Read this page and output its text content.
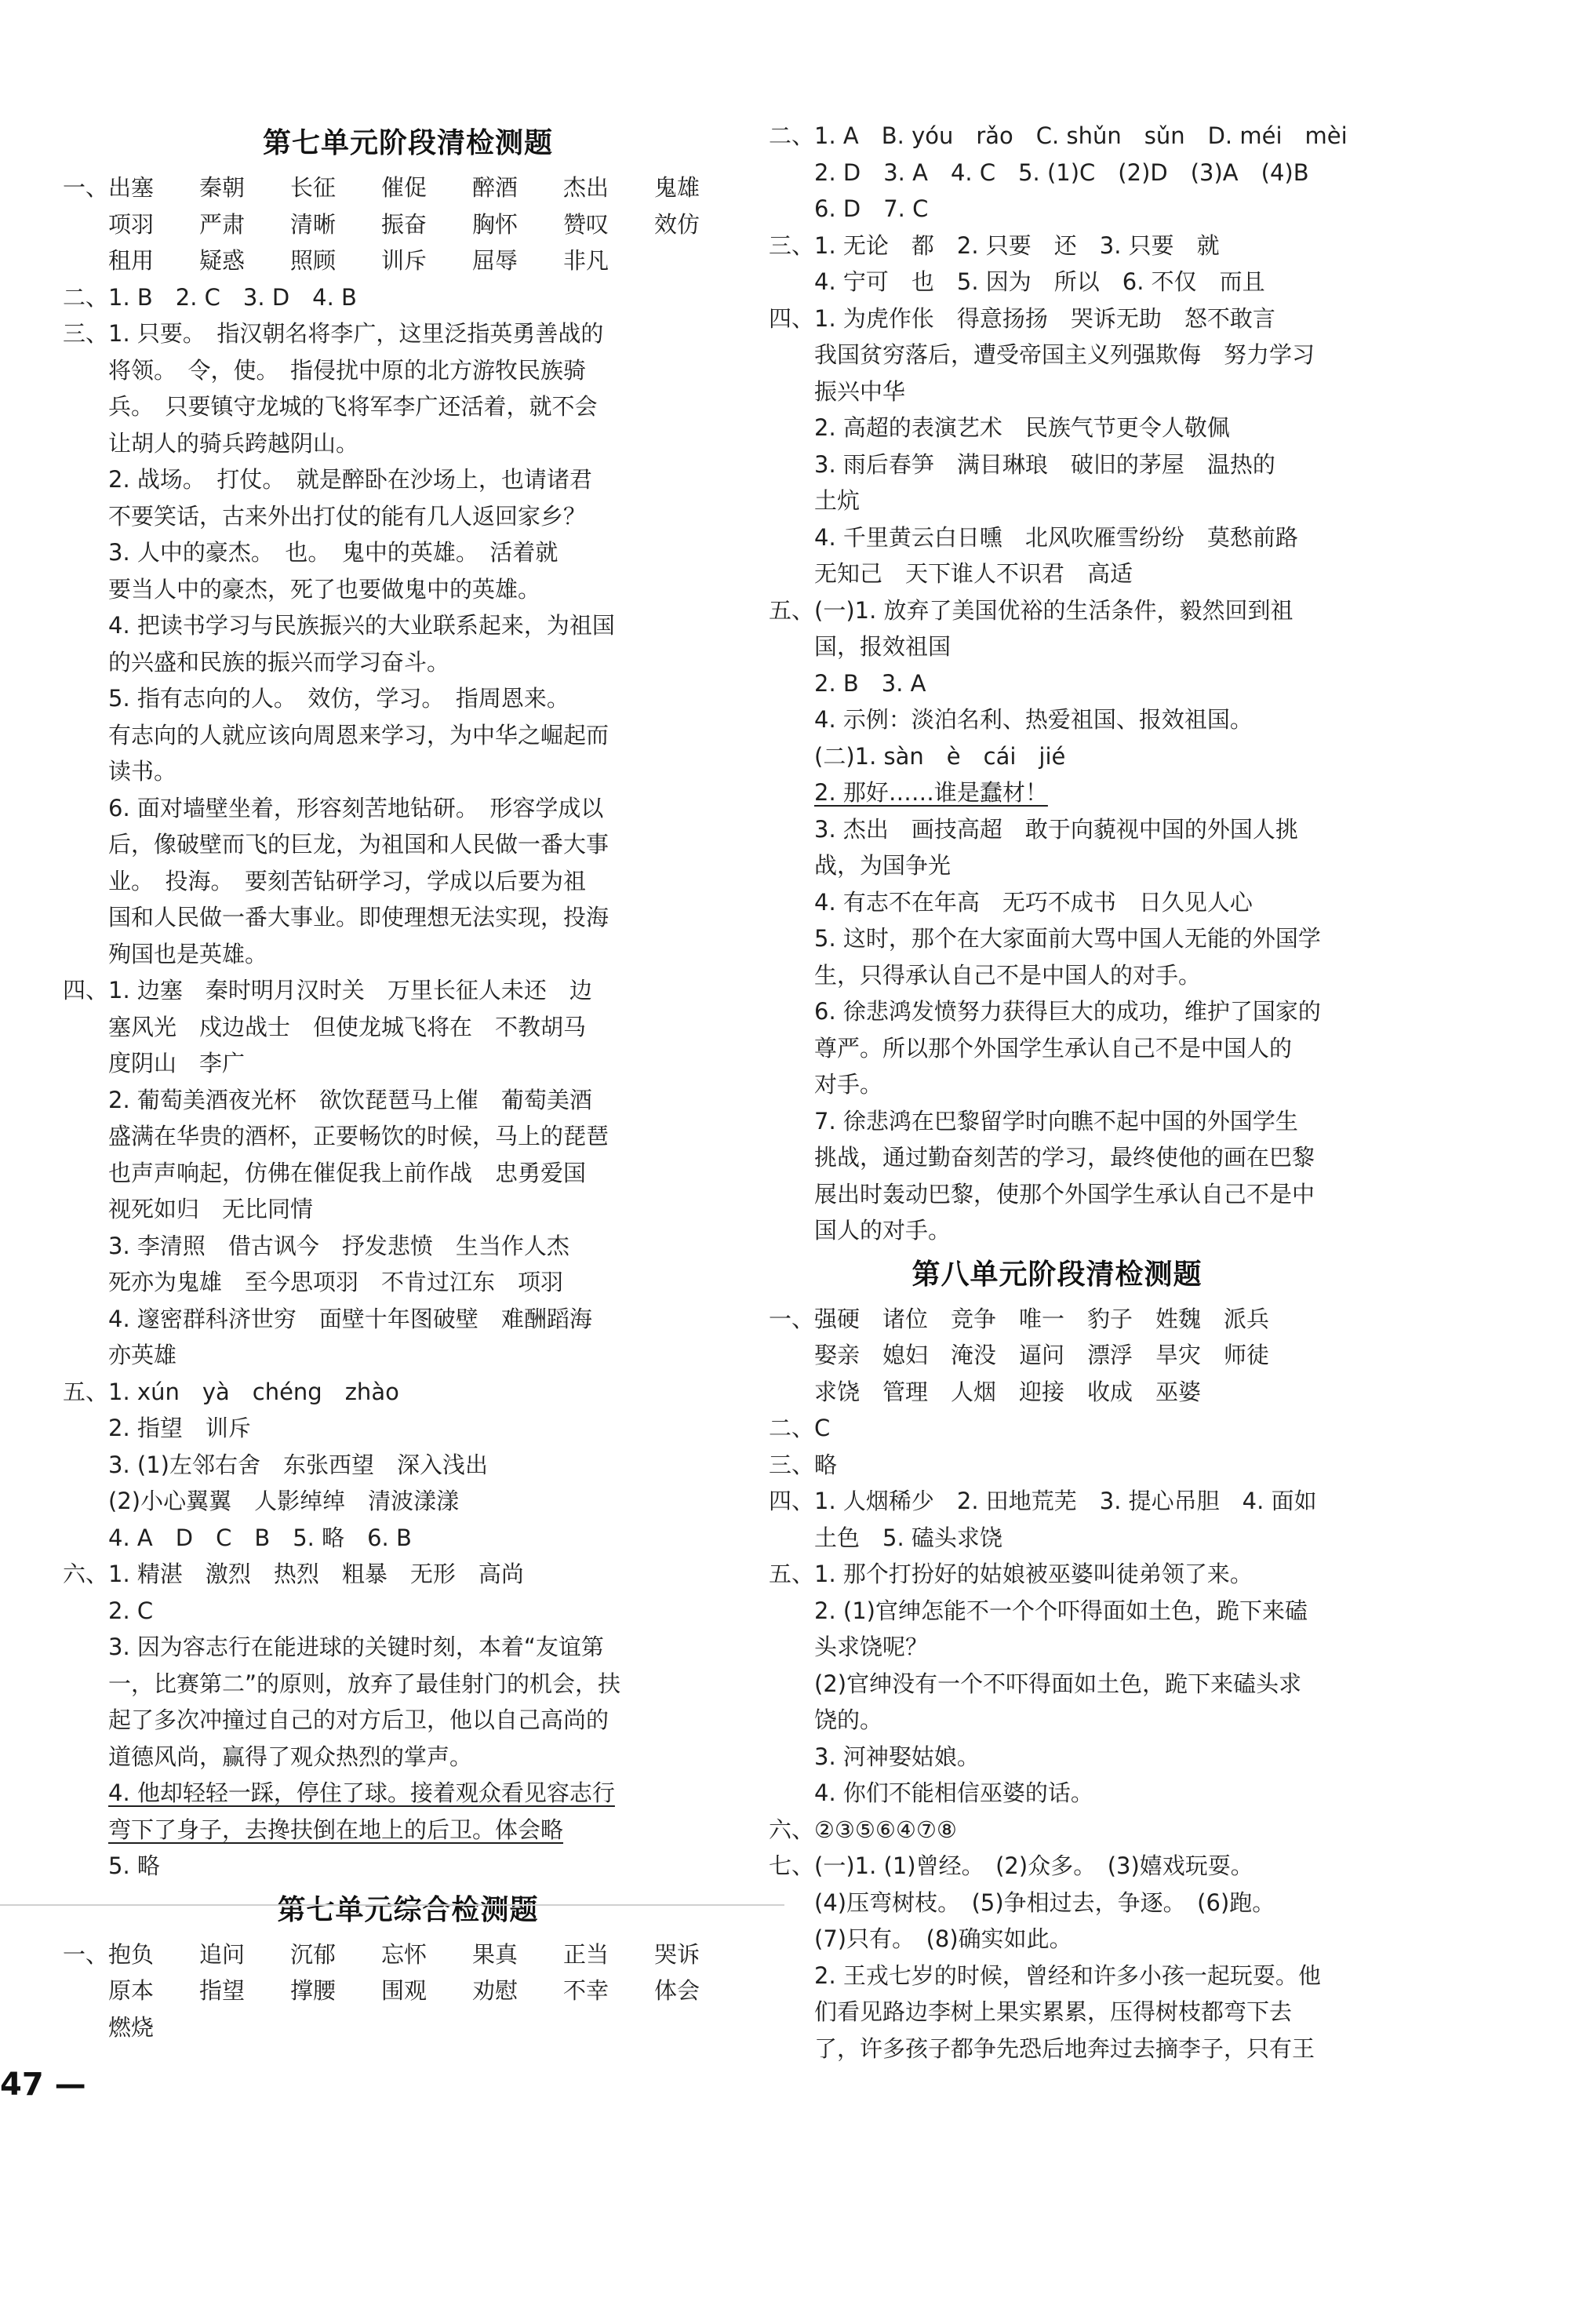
第七单元阶段清检测题
一、 出塞　　秦朝　　长征　　催促　　醉酒　　杰出　　鬼雄
项羽　　严肃　　清晰　　振奋　　胸怀　　赞叹　　效仿
租用　　疑惑　　照顾　　训斥　　屈辱　　非凡
二、 1. B　2. C　3. D　4. B
三、 1. 只要。　指汉朝名将李广，这里泛指英勇善战的
将领。　令，使。　指侵扰中原的北方游牧民族骑
兵。　只要镇守龙城的飞将军李广还活着，就不会
让胡人的骑兵跨越阴山。
2. 战场。　打仗。　就是醉卧在沙场上，也请诸君
不要笑话，古来外出打仗的能有几人返回家乡？
3. 人中的豪杰。　也。　鬼中的英雄。　活着就
要当人中的豪杰，死了也要做鬼中的英雄。
4. 把读书学习与民族振兴的大业联系起来，为祖国
的兴盛和民族的振兴而学习奋斗。
5. 指有志向的人。　效仿，学习。　指周恩来。
有志向的人就应该向周恩来学习，为中华之崛起而
读书。
6. 面对墙壁坐着，形容刻苦地钻研。　形容学成以
后，像破壁而飞的巨龙，为祖国和人民做一番大事
业。　投海。　要刻苦钻研学习，学成以后要为祖
国和人民做一番大事业。即使理想无法实现，投海
殉国也是英雄。
四、 1. 边塞　秦时明月汉时关　万里长征人未还　边
塞风光　戍边战士　但使龙城飞将在　不教胡马
度阴山　李广
2. 葡萄美酒夜光杯　欲饮琵琶马上催　葡萄美酒
盛满在华贵的酒杯，正要畅饮的时候，马上的琵琶
也声声响起，仿佛在催促我上前作战　忠勇爱国
视死如归　无比同情
3. 李清照　借古讽今　抒发悲愤　生当作人杰
死亦为鬼雄　至今思项羽　不肯过江东　项羽
4. 邃密群科济世穷　面壁十年图破壁　难酬蹈海
亦英雄
五、 1. xún　yà　chéng　zhào
2. 指望　训斥
3. (1)左邻右舍　东张西望　深入浅出
(2)小心翼翼　人影绰绰　清波漾漾
4. A　D　C　B　5. 略　6. B
六、 1. 精湛　激烈　热烈　粗暴　无形　高尚
2. C
3. 因为容志行在能进球的关键时刻，本着“友谊第
一，比赛第二”的原则，放弃了最佳射门的机会，扶
起了多次冲撞过自己的对方后卫，他以自己高尚的
道德风尚，赢得了观众热烈的掌声。
4. 他却轻轻一踩，停住了球。接着观众看见容志行
弯下了身子，去搀扶倒在地上的后卫。体会略
5. 略
第七单元综合检测题
一、 抱负　　追问　　沉郁　　忘怀　　果真　　正当　　哭诉
原本　　指望　　撑腰　　围观　　劝慰　　不幸　　体会
燃烧
二、 1. A　B. yóu　rǎo　C. shǔn　sǔn　D. méi　mèi
2. D　3. A　4. C　5. (1)C　(2)D　(3)A　(4)B
6. D　7. C
三、 1. 无论　都　2. 只要　还　3. 只要　就
4. 宁可　也　5. 因为　所以　6. 不仅　而且
四、 1. 为虎作伥　得意扬扬　哭诉无助　怒不敢言
我国贫穷落后，遭受帝国主义列强欺侮　努力学习
振兴中华
2. 高超的表演艺术　民族气节更令人敬佩
3. 雨后春笋　满目琳琅　破旧的茅屋　温热的
土炕
4. 千里黄云白日曛　北风吹雁雪纷纷　莫愁前路
无知己　天下谁人不识君　高适
五、 (一)1. 放弃了美国优裕的生活条件，毅然回到祖
国，报效祖国
2. B　3. A
4. 示例：淡泊名利、热爱祖国、报效祖国。
(二)1. sàn　è　cái　jié
2. 那好……谁是蠢材！
3. 杰出　画技高超　敢于向藐视中国的外国人挑
战，为国争光
4. 有志不在年高　无巧不成书　日久见人心
5. 这时，那个在大家面前大骂中国人无能的外国学
生，只得承认自己不是中国人的对手。
6. 徐悲鸿发愤努力获得巨大的成功，维护了国家的
尊严。所以那个外国学生承认自己不是中国人的
对手。
7. 徐悲鸿在巴黎留学时向瞧不起中国的外国学生
挑战，通过勤奋刻苦的学习，最终使他的画在巴黎
展出时轰动巴黎，使那个外国学生承认自己不是中
国人的对手。
第八单元阶段清检测题
一、 强硬　诸位　竞争　唯一　豹子　姓魏　派兵
娶亲　媳妇　淹没　逼问　漂浮　旱灾　师徒
求饶　管理　人烟　迎接　收成　巫婆
二、 C
三、 略
四、 1. 人烟稀少　2. 田地荒芜　3. 提心吊胆　4. 面如
土色　5. 磕头求饶
五、 1. 那个打扮好的姑娘被巫婆叫徒弟领了来。
2. (1)官绅怎能不一个个吓得面如土色，跪下来磕
头求饶呢？
(2)官绅没有一个不吓得面如土色，跪下来磕头求
饶的。
3. 河神娶姑娘。
4. 你们不能相信巫婆的话。
六、 ②③⑤⑥④⑦⑧
七、 (一)1. (1)曾经。　(2)众多。　(3)嬉戏玩耍。
(4)压弯树枝。　(5)争相过去，争逐。　(6)跑。
(7)只有。　(8)确实如此。
2. 王戎七岁的时候，曾经和许多小孩一起玩耍。他
们看见路边李树上果实累累，压得树枝都弯下去
了，许多孩子都争先恐后地奔过去摘李子，只有王
47 —
